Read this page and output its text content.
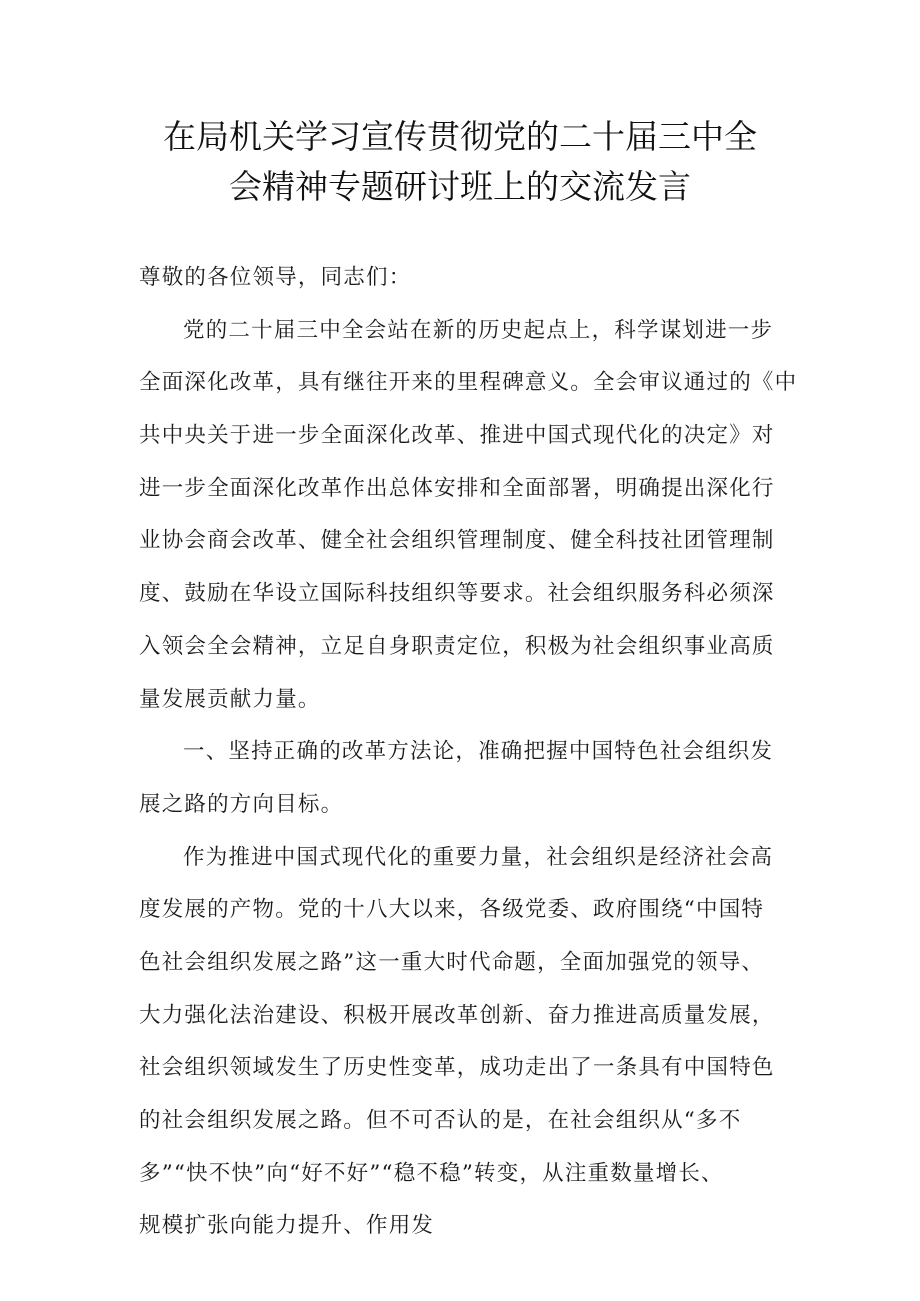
在局机关学习宣传贯彻党的二十届三中全
会精神专题研讨班上的交流发言
尊敬的各位领导，同志们：
党的二十届三中全会站在新的历史起点上，科学谋划进一步
全面深化改革，具有继往开来的里程碑意义。全会审议通过的《中
共中央关于进一步全面深化改革、推进中国式现代化的决定》对
进一步全面深化改革作出总体安排和全面部署，明确提出深化行
业协会商会改革、健全社会组织管理制度、健全科技社团管理制
度、鼓励在华设立国际科技组织等要求。社会组织服务科必须深
入领会全会精神，立足自身职责定位，积极为社会组织事业高质
量发展贡献力量。
一、坚持正确的改革方法论，准确把握中国特色社会组织发
展之路的方向目标。
作为推进中国式现代化的重要力量，社会组织是经济社会高
度发展的产物。党的十八大以来，各级党委、政府围绕“中国特
色社会组织发展之路”这一重大时代命题，全面加强党的领导、
大力强化法治建设、积极开展改革创新、奋力推进高质量发展，
社会组织领域发生了历史性变革，成功走出了一条具有中国特色
的社会组织发展之路。但不可否认的是，在社会组织从“多不
多”“快不快”向“好不好”“稳不稳”转变，从注重数量增长、
规模扩张向能力提升、作用发
